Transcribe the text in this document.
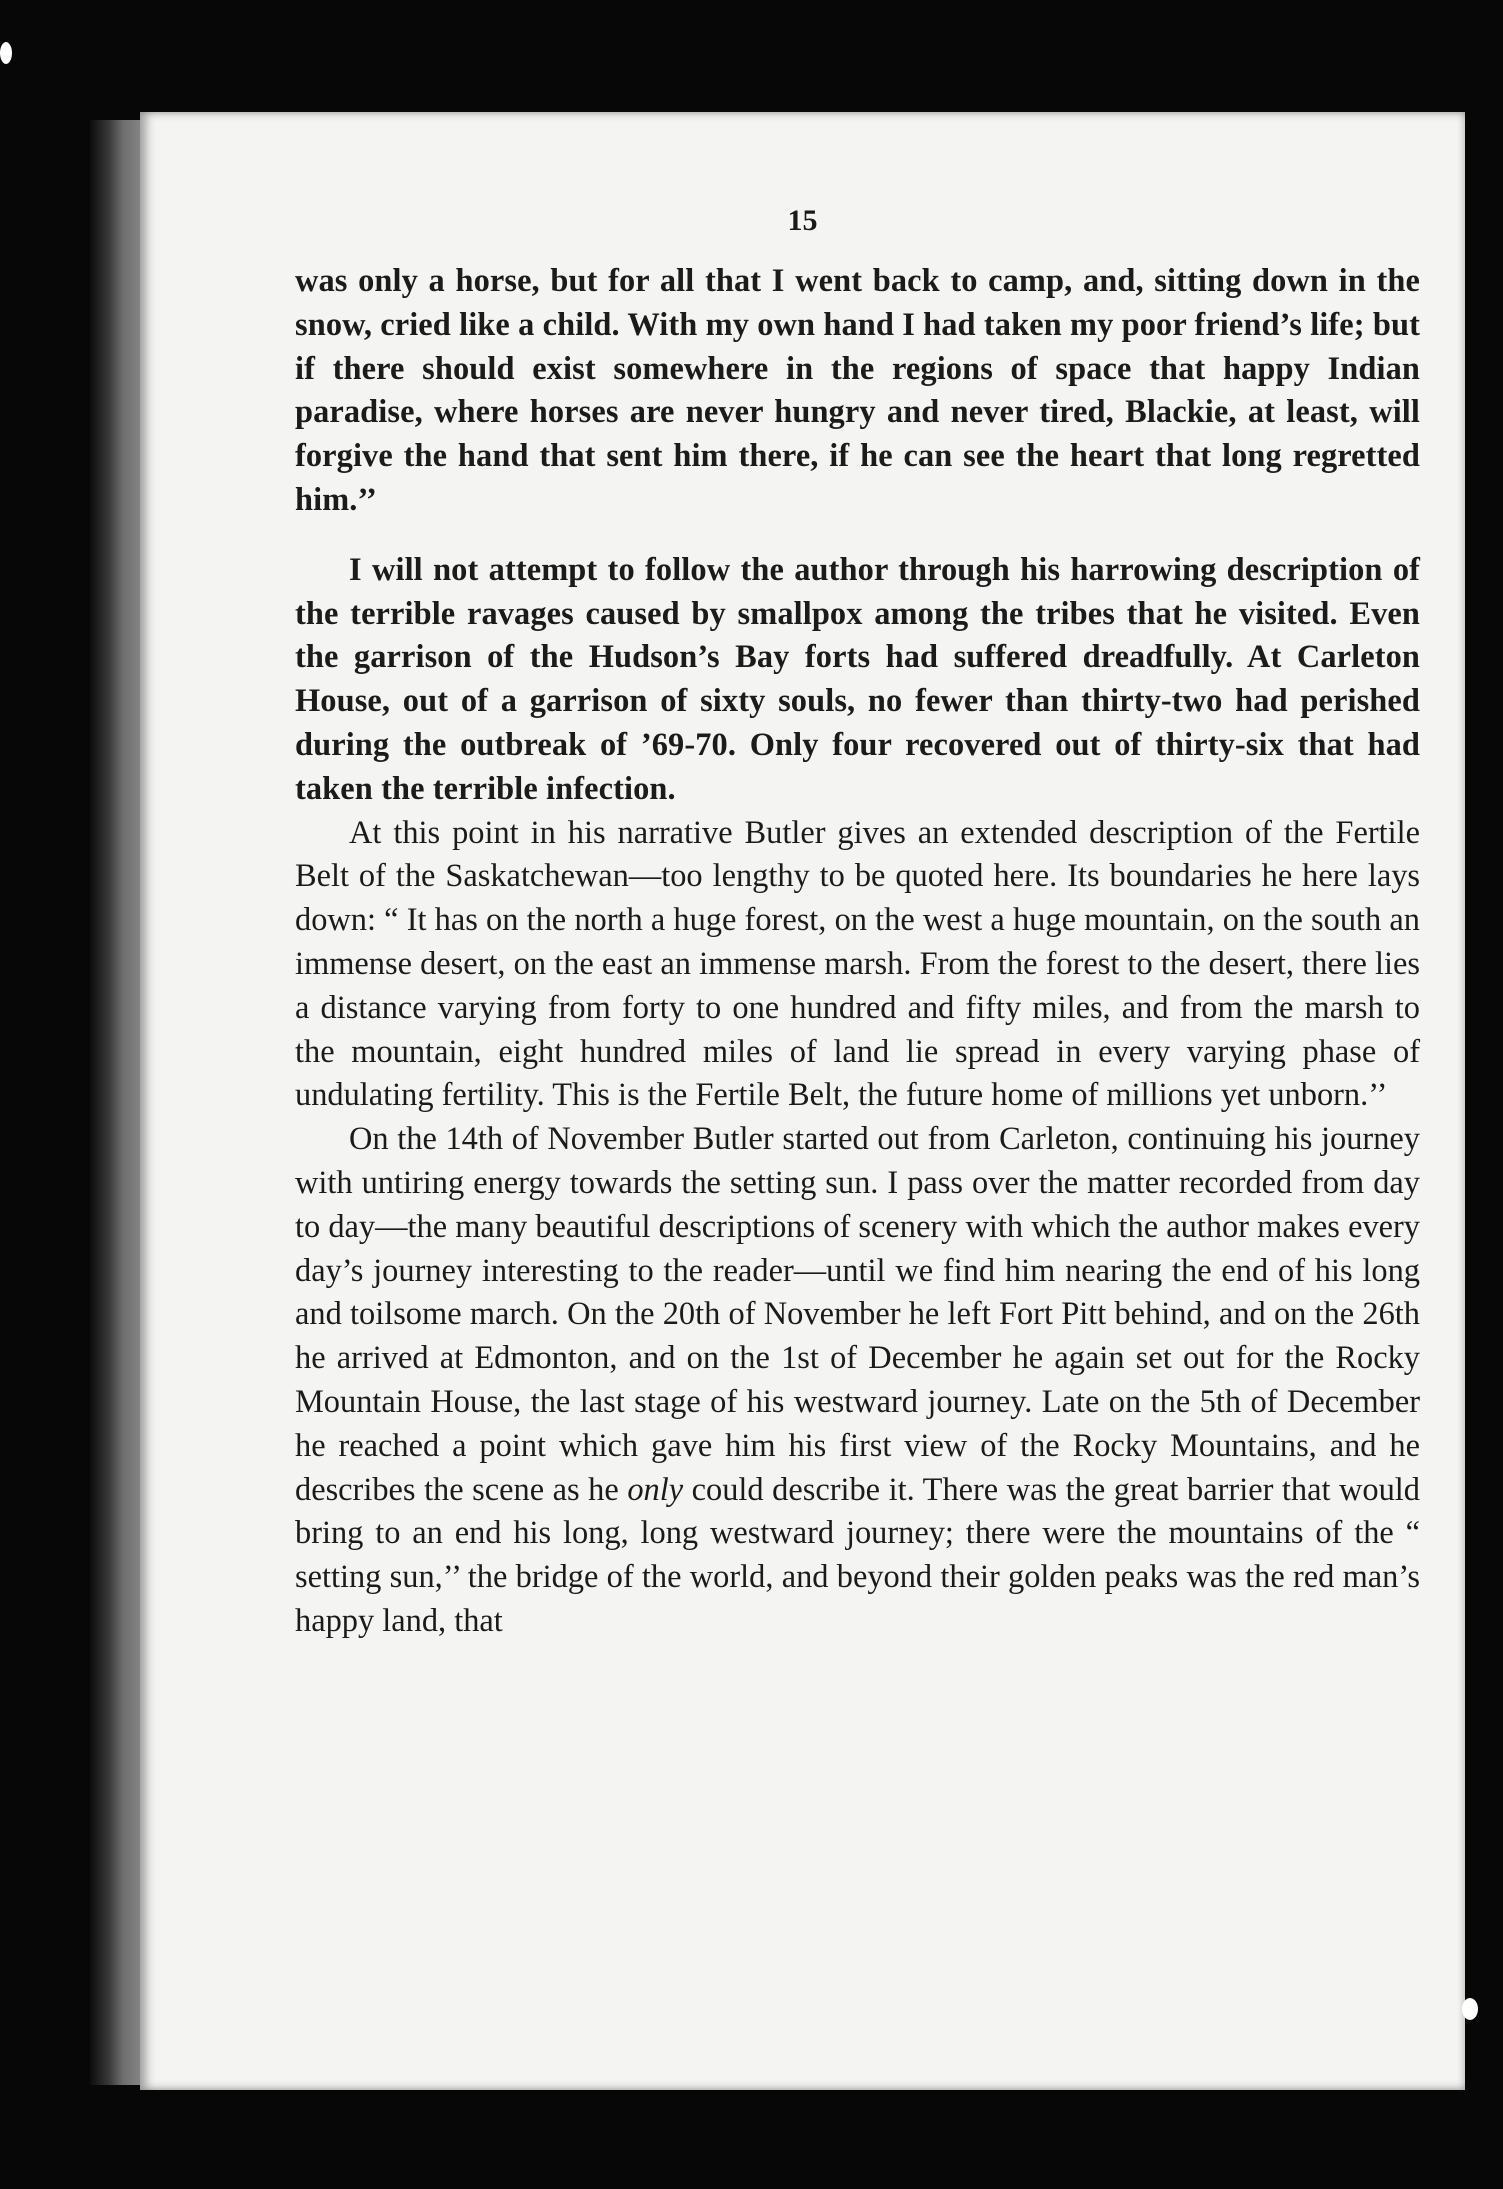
15

was only a horse, but for all that I went back to camp, and, sitting down in the snow, cried like a child. With my own hand I had taken my poor friend’s life; but if there should exist somewhere in the regions of space that happy Indian paradise, where horses are never hungry and never tired, Blackie, at least, will forgive the hand that sent him there, if he can see the heart that long regretted him.’’

I will not attempt to follow the author through his harrowing description of the terrible ravages caused by smallpox among the tribes that he visited. Even the garrison of the Hudson’s Bay forts had suffered dreadfully. At Carleton House, out of a garrison of sixty souls, no fewer than thirty-two had perished during the outbreak of ’69-70. Only four recovered out of thirty-six that had taken the terrible infection.

At this point in his narrative Butler gives an extended description of the Fertile Belt of the Saskatchewan—too lengthy to be quoted here. Its boundaries he here lays down: “ It has on the north a huge forest, on the west a huge mountain, on the south an immense desert, on the east an immense marsh. From the forest to the desert, there lies a distance varying from forty to one hundred and fifty miles, and from the marsh to the mountain, eight hundred miles of land lie spread in every varying phase of undulating fertility. This is the Fertile Belt, the future home of millions yet unborn.’’

On the 14th of November Butler started out from Carleton, continuing his journey with untiring energy towards the setting sun. I pass over the matter recorded from day to day—the many beautiful descriptions of scenery with which the author makes every day’s journey interesting to the reader—until we find him nearing the end of his long and toilsome march. On the 20th of November he left Fort Pitt behind, and on the 26th he arrived at Edmonton, and on the 1st of December he again set out for the Rocky Mountain House, the last stage of his westward journey. Late on the 5th of December he reached a point which gave him his first view of the Rocky Mountains, and he describes the scene as he only could describe it. There was the great barrier that would bring to an end his long, long westward journey; there were the mountains of the “ setting sun,’’ the bridge of the world, and beyond their golden peaks was the red man’s happy land, that
